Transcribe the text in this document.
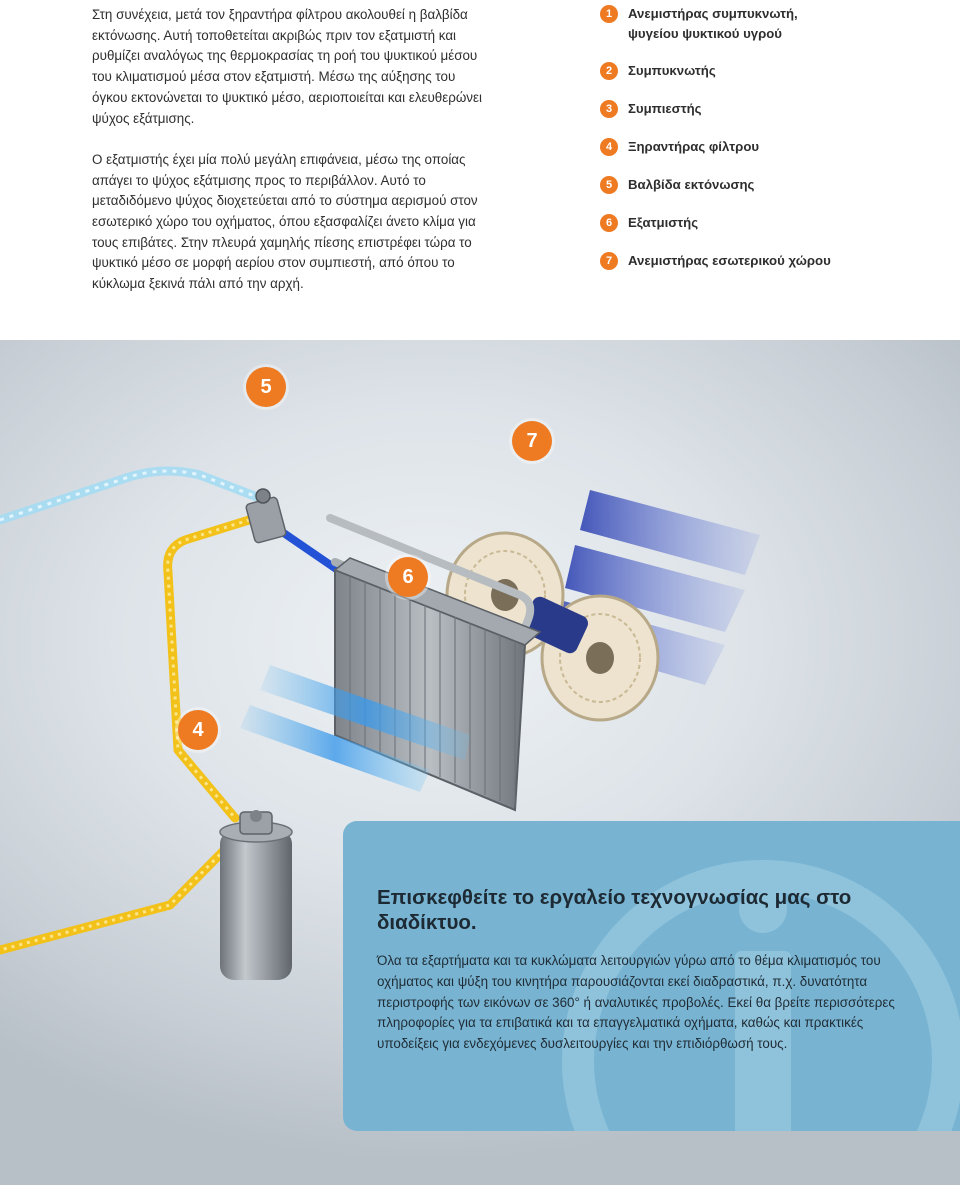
Στη συνέχεια, μετά τον ξηραντήρα φίλτρου ακολουθεί η βαλβίδα εκτόνωσης. Αυτή τοποθετείται ακριβώς πριν τον εξατμιστή και ρυθμίζει αναλόγως της θερμοκρασίας τη ροή του ψυκτικού μέσου του κλιματισμού μέσα στον εξατμιστή. Μέσω της αύξησης του όγκου εκτονώνεται το ψυκτικό μέσο, αεριοποιείται και ελευθερώνει ψύχος εξάτμισης.

Ο εξατμιστής έχει μία πολύ μεγάλη επιφάνεια, μέσω της οποίας απάγει το ψύχος εξάτμισης προς το περιβάλλον. Αυτό το μεταδιδόμενο ψύχος διοχετεύεται από το σύστημα αερισμού στον εσωτερικό χώρο του οχήματος, όπου εξασφαλίζει άνετο κλίμα για τους επιβάτες. Στην πλευρά χαμηλής πίεσης επιστρέφει τώρα το ψυκτικό μέσο σε μορφή αερίου στον συμπιεστή, από όπου το κύκλωμα ξεκινά πάλι από την αρχή.

1	Ανεμιστήρας συμπυκνωτή, ψυγείου ψυκτικού υγρού
2	Συμπυκνωτής
3	Συμπιεστής
4	Ξηραντήρας φίλτρου
5	Βαλβίδα εκτόνωσης
6	Εξατμιστής
7	Ανεμιστήρας εσωτερικού χώρου
5
7
6
4
Επισκεφθείτε το εργαλείο τεχνογνωσίας μας στο διαδίκτυο.

Όλα τα εξαρτήματα και τα κυκλώματα λειτουργιών γύρω από το θέμα κλιματισμός του οχήματος και ψύξη του κινητήρα παρουσιάζονται εκεί διαδραστικά, π.χ. δυνατότητα περιστροφής των εικόνων σε 360° ή αναλυτικές προβολές. Εκεί θα βρείτε περισσότερες πληροφορίες για τα επιβατικά και τα επαγγελματικά οχήματα, καθώς και πρακτικές υποδείξεις για ενδεχόμενες δυσλειτουργίες και την επιδιόρθωσή τους.
